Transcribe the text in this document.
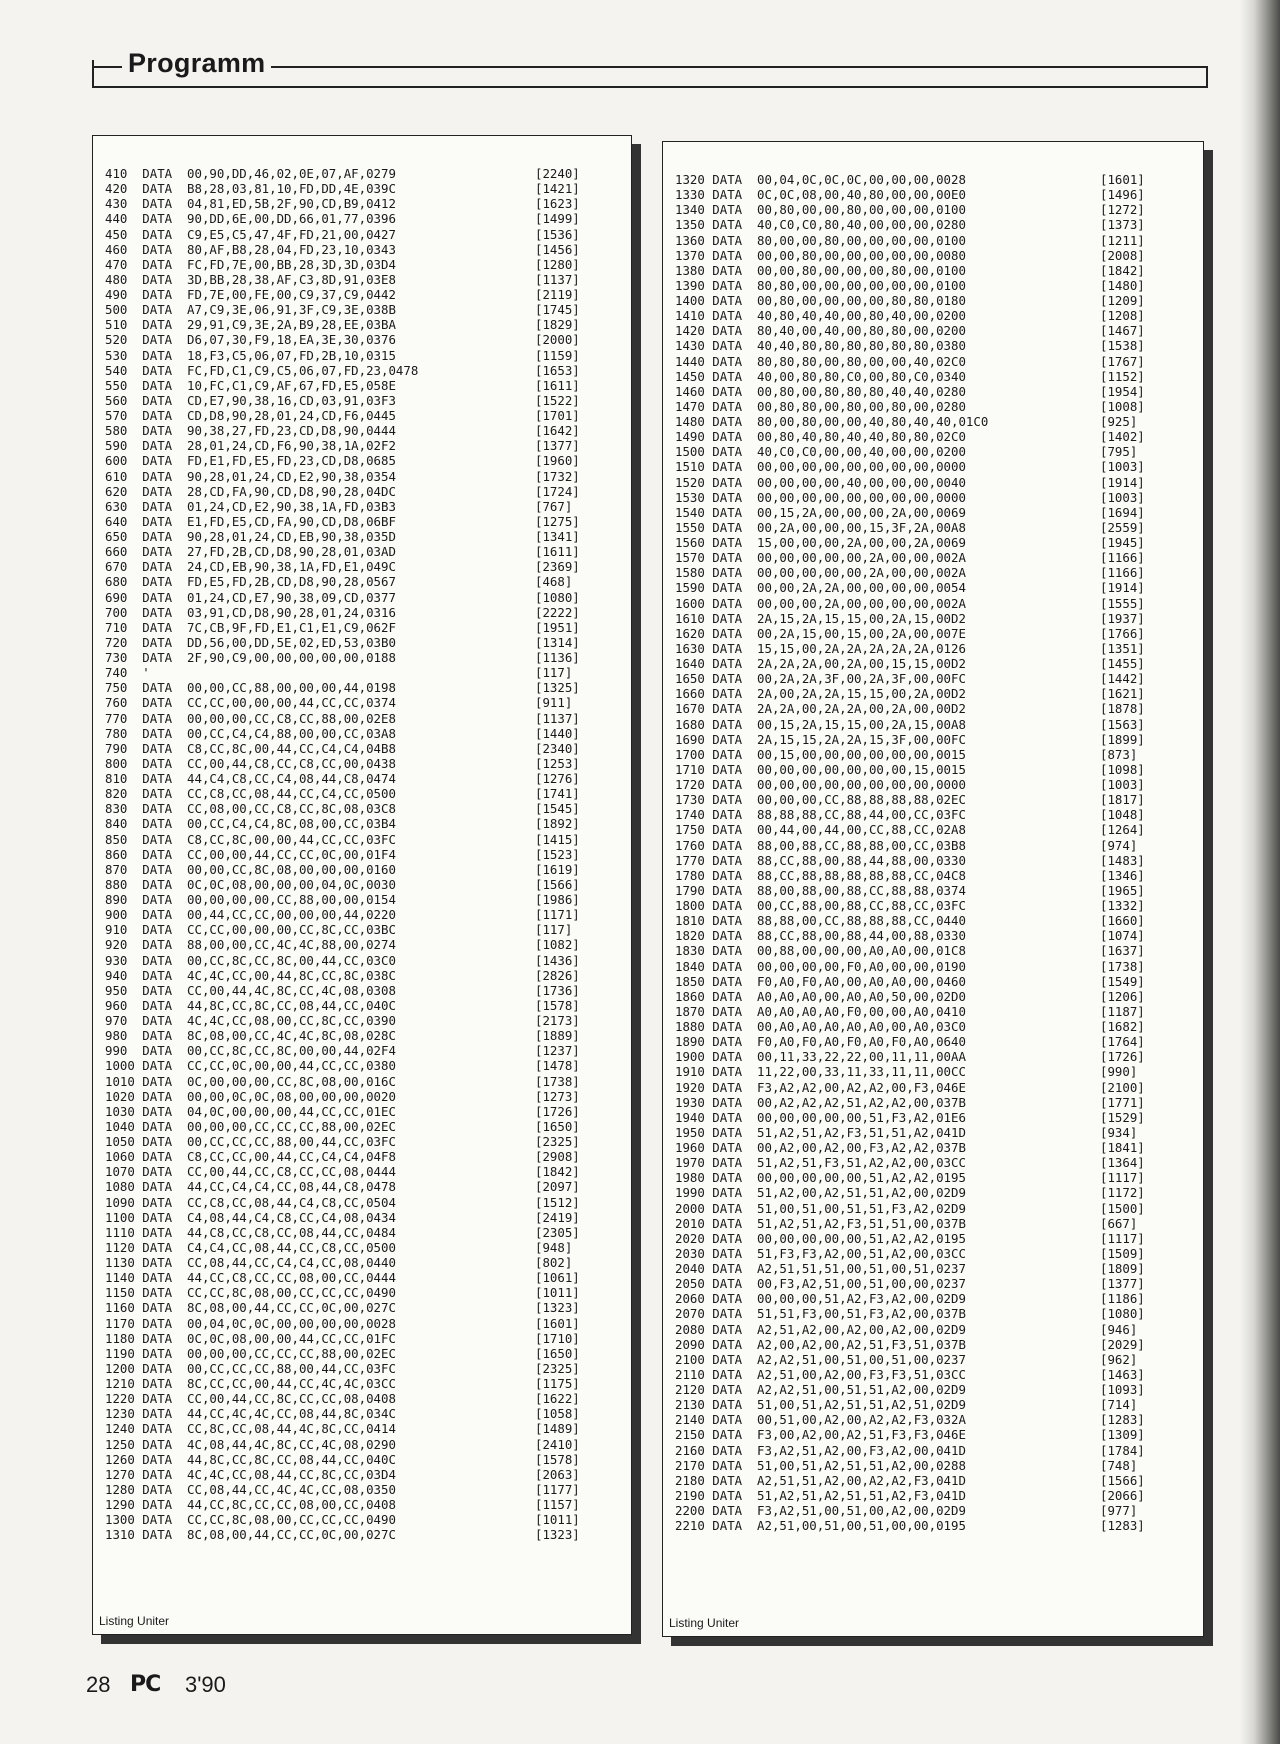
Programm
410  DATA  00,90,DD,46,02,0E,07,AF,0279	[2240]
420  DATA  B8,28,03,81,10,FD,DD,4E,039C	[1421]
430  DATA  04,81,ED,5B,2F,90,CD,B9,0412	[1623]
440  DATA  90,DD,6E,00,DD,66,01,77,0396	[1499]
450  DATA  C9,E5,C5,47,4F,FD,21,00,0427	[1536]
460  DATA  80,AF,B8,28,04,FD,23,10,0343	[1456]
470  DATA  FC,FD,7E,00,BB,28,3D,3D,03D4	[1280]
480  DATA  3D,BB,28,38,AF,C3,8D,91,03E8	[1137]
490  DATA  FD,7E,00,FE,00,C9,37,C9,0442	[2119]
500  DATA  A7,C9,3E,06,91,3F,C9,3E,038B	[1745]
510  DATA  29,91,C9,3E,2A,B9,28,EE,03BA	[1829]
520  DATA  D6,07,30,F9,18,EA,3E,30,0376	[2000]
530  DATA  18,F3,C5,06,07,FD,2B,10,0315	[1159]
540  DATA  FC,FD,C1,C9,C5,06,07,FD,23,0478	[1653]
550  DATA  10,FC,C1,C9,AF,67,FD,E5,058E	[1611]
560  DATA  CD,E7,90,38,16,CD,03,91,03F3	[1522]
570  DATA  CD,D8,90,28,01,24,CD,F6,0445	[1701]
580  DATA  90,38,27,FD,23,CD,D8,90,0444	[1642]
590  DATA  28,01,24,CD,F6,90,38,1A,02F2	[1377]
600  DATA  FD,E1,FD,E5,FD,23,CD,D8,0685	[1960]
610  DATA  90,28,01,24,CD,E2,90,38,0354	[1732]
620  DATA  28,CD,FA,90,CD,D8,90,28,04DC	[1724]
630  DATA  01,24,CD,E2,90,38,1A,FD,03B3	[767]
640  DATA  E1,FD,E5,CD,FA,90,CD,D8,06BF	[1275]
650  DATA  90,28,01,24,CD,EB,90,38,035D	[1341]
660  DATA  27,FD,2B,CD,D8,90,28,01,03AD	[1611]
670  DATA  24,CD,EB,90,38,1A,FD,E1,049C	[2369]
680  DATA  FD,E5,FD,2B,CD,D8,90,28,0567	[468]
690  DATA  01,24,CD,E7,90,38,09,CD,0377	[1080]
700  DATA  03,91,CD,D8,90,28,01,24,0316	[2222]
710  DATA  7C,CB,9F,FD,E1,C1,E1,C9,062F	[1951]
720  DATA  DD,56,00,DD,5E,02,ED,53,03B0	[1314]
730  DATA  2F,90,C9,00,00,00,00,00,0188	[1136]
740  '	[117]
750  DATA  00,00,CC,88,00,00,00,44,0198	[1325]
760  DATA  CC,CC,00,00,00,44,CC,CC,0374	[911]
770  DATA  00,00,00,CC,C8,CC,88,00,02E8	[1137]
780  DATA  00,CC,C4,C4,88,00,00,CC,03A8	[1440]
790  DATA  C8,CC,8C,00,44,CC,C4,C4,04B8	[2340]
800  DATA  CC,00,44,C8,CC,C8,CC,00,0438	[1253]
810  DATA  44,C4,C8,CC,C4,08,44,C8,0474	[1276]
820  DATA  CC,C8,CC,08,44,CC,C4,CC,0500	[1741]
830  DATA  CC,08,00,CC,C8,CC,8C,08,03C8	[1545]
840  DATA  00,CC,C4,C4,8C,08,00,CC,03B4	[1892]
850  DATA  C8,CC,8C,00,00,44,CC,CC,03FC	[1415]
860  DATA  CC,00,00,44,CC,CC,0C,00,01F4	[1523]
870  DATA  00,00,CC,8C,08,00,00,00,0160	[1619]
880  DATA  0C,0C,08,00,00,00,04,0C,0030	[1566]
890  DATA  00,00,00,00,CC,88,00,00,0154	[1986]
900  DATA  00,44,CC,CC,00,00,00,44,0220	[1171]
910  DATA  CC,CC,00,00,00,CC,8C,CC,03BC	[117]
920  DATA  88,00,00,CC,4C,4C,88,00,0274	[1082]
930  DATA  00,CC,8C,CC,8C,00,44,CC,03C0	[1436]
940  DATA  4C,4C,CC,00,44,8C,CC,8C,038C	[2826]
950  DATA  CC,00,44,4C,8C,CC,4C,08,0308	[1736]
960  DATA  44,8C,CC,8C,CC,08,44,CC,040C	[1578]
970  DATA  4C,4C,CC,08,00,CC,8C,CC,0390	[2173]
980  DATA  8C,08,00,CC,4C,4C,8C,08,028C	[1889]
990  DATA  00,CC,8C,CC,8C,00,00,44,02F4	[1237]
1000 DATA  CC,CC,0C,00,00,44,CC,CC,0380	[1478]
1010 DATA  0C,00,00,00,CC,8C,08,00,016C	[1738]
1020 DATA  00,00,0C,0C,08,00,00,00,0020	[1273]
1030 DATA  04,0C,00,00,00,44,CC,CC,01EC	[1726]
1040 DATA  00,00,00,CC,CC,CC,88,00,02EC	[1650]
1050 DATA  00,CC,CC,CC,88,00,44,CC,03FC	[2325]
1060 DATA  C8,CC,CC,00,44,CC,C4,C4,04F8	[2908]
1070 DATA  CC,00,44,CC,C8,CC,CC,08,0444	[1842]
1080 DATA  44,CC,C4,C4,CC,08,44,C8,0478	[2097]
1090 DATA  CC,C8,CC,08,44,C4,C8,CC,0504	[1512]
1100 DATA  C4,08,44,C4,C8,CC,C4,08,0434	[2419]
1110 DATA  44,C8,CC,C8,CC,08,44,CC,0484	[2305]
1120 DATA  C4,C4,CC,08,44,CC,C8,CC,0500	[948]
1130 DATA  CC,08,44,CC,C4,C4,CC,08,0440	[802]
1140 DATA  44,CC,C8,CC,CC,08,00,CC,0444	[1061]
1150 DATA  CC,CC,8C,08,00,CC,CC,CC,0490	[1011]
1160 DATA  8C,08,00,44,CC,CC,0C,00,027C	[1323]
1170 DATA  00,04,0C,0C,00,00,00,00,0028	[1601]
1180 DATA  0C,0C,08,00,00,44,CC,CC,01FC	[1710]
1190 DATA  00,00,00,CC,CC,CC,88,00,02EC	[1650]
1200 DATA  00,CC,CC,CC,88,00,44,CC,03FC	[2325]
1210 DATA  8C,CC,CC,00,44,CC,4C,4C,03CC	[1175]
1220 DATA  CC,00,44,CC,8C,CC,CC,08,0408	[1622]
1230 DATA  44,CC,4C,4C,CC,08,44,8C,034C	[1058]
1240 DATA  CC,8C,CC,08,44,4C,8C,CC,0414	[1489]
1250 DATA  4C,08,44,4C,8C,CC,4C,08,0290	[2410]
1260 DATA  44,8C,CC,8C,CC,08,44,CC,040C	[1578]
1270 DATA  4C,4C,CC,08,44,CC,8C,CC,03D4	[2063]
1280 DATA  CC,08,44,CC,4C,4C,CC,08,0350	[1177]
1290 DATA  44,CC,8C,CC,CC,08,00,CC,0408	[1157]
1300 DATA  CC,CC,8C,08,00,CC,CC,CC,0490	[1011]
1310 DATA  8C,08,00,44,CC,CC,0C,00,027C	[1323]
Listing Uniter
1320 DATA  00,04,0C,0C,0C,00,00,00,0028	[1601]
1330 DATA  0C,0C,08,00,40,80,00,00,00E0	[1496]
1340 DATA  00,80,00,00,80,00,00,00,0100	[1272]
1350 DATA  40,C0,C0,80,40,00,00,00,0280	[1373]
1360 DATA  80,00,00,80,00,00,00,00,0100	[1211]
1370 DATA  00,00,80,00,00,00,00,00,0080	[2008]
1380 DATA  00,00,80,00,00,00,80,00,0100	[1842]
1390 DATA  80,80,00,00,00,00,00,00,0100	[1480]
1400 DATA  00,80,00,00,00,00,80,80,0180	[1209]
1410 DATA  40,80,40,40,00,80,40,00,0200	[1208]
1420 DATA  80,40,00,40,00,80,80,00,0200	[1467]
1430 DATA  40,40,80,80,80,80,80,80,0380	[1538]
1440 DATA  80,80,80,00,80,00,00,40,02C0	[1767]
1450 DATA  40,00,80,80,C0,00,80,C0,0340	[1152]
1460 DATA  00,80,00,80,80,80,40,40,0280	[1954]
1470 DATA  00,80,80,00,80,00,80,00,0280	[1008]
1480 DATA  80,00,80,00,00,40,80,40,40,01C0	[925]
1490 DATA  00,80,40,80,40,40,80,80,02C0	[1402]
1500 DATA  40,C0,C0,00,00,40,00,00,0200	[795]
1510 DATA  00,00,00,00,00,00,00,00,0000	[1003]
1520 DATA  00,00,00,00,40,00,00,00,0040	[1914]
1530 DATA  00,00,00,00,00,00,00,00,0000	[1003]
1540 DATA  00,15,2A,00,00,00,2A,00,0069	[1694]
1550 DATA  00,2A,00,00,00,15,3F,2A,00A8	[2559]
1560 DATA  15,00,00,00,2A,00,00,2A,0069	[1945]
1570 DATA  00,00,00,00,00,2A,00,00,002A	[1166]
1580 DATA  00,00,00,00,00,2A,00,00,002A	[1166]
1590 DATA  00,00,2A,2A,00,00,00,00,0054	[1914]
1600 DATA  00,00,00,2A,00,00,00,00,002A	[1555]
1610 DATA  2A,15,2A,15,15,00,2A,15,00D2	[1937]
1620 DATA  00,2A,15,00,15,00,2A,00,007E	[1766]
1630 DATA  15,15,00,2A,2A,2A,2A,2A,0126	[1351]
1640 DATA  2A,2A,2A,00,2A,00,15,15,00D2	[1455]
1650 DATA  00,2A,2A,3F,00,2A,3F,00,00FC	[1442]
1660 DATA  2A,00,2A,2A,15,15,00,2A,00D2	[1621]
1670 DATA  2A,2A,00,2A,2A,00,2A,00,00D2	[1878]
1680 DATA  00,15,2A,15,15,00,2A,15,00A8	[1563]
1690 DATA  2A,15,15,2A,2A,15,3F,00,00FC	[1899]
1700 DATA  00,15,00,00,00,00,00,00,0015	[873]
1710 DATA  00,00,00,00,00,00,00,15,0015	[1098]
1720 DATA  00,00,00,00,00,00,00,00,0000	[1003]
1730 DATA  00,00,00,CC,88,88,88,88,02EC	[1817]
1740 DATA  88,88,88,CC,88,44,00,CC,03FC	[1048]
1750 DATA  00,44,00,44,00,CC,88,CC,02A8	[1264]
1760 DATA  88,00,88,CC,88,88,00,CC,03B8	[974]
1770 DATA  88,CC,88,00,88,44,88,00,0330	[1483]
1780 DATA  88,CC,88,88,88,88,88,CC,04C8	[1346]
1790 DATA  88,00,88,00,88,CC,88,88,0374	[1965]
1800 DATA  00,CC,88,00,88,CC,88,CC,03FC	[1332]
1810 DATA  88,88,00,CC,88,88,88,CC,0440	[1660]
1820 DATA  88,CC,88,00,88,44,00,88,0330	[1074]
1830 DATA  00,88,00,00,00,A0,A0,00,01C8	[1637]
1840 DATA  00,00,00,00,F0,A0,00,00,0190	[1738]
1850 DATA  F0,A0,F0,A0,00,A0,A0,00,0460	[1549]
1860 DATA  A0,A0,A0,00,A0,A0,50,00,02D0	[1206]
1870 DATA  A0,A0,A0,A0,F0,00,00,A0,0410	[1187]
1880 DATA  00,A0,A0,A0,A0,A0,00,A0,03C0	[1682]
1890 DATA  F0,A0,F0,A0,F0,A0,F0,A0,0640	[1764]
1900 DATA  00,11,33,22,22,00,11,11,00AA	[1726]
1910 DATA  11,22,00,33,11,33,11,11,00CC	[990]
1920 DATA  F3,A2,A2,00,A2,A2,00,F3,046E	[2100]
1930 DATA  00,A2,A2,A2,51,A2,A2,00,037B	[1771]
1940 DATA  00,00,00,00,00,51,F3,A2,01E6	[1529]
1950 DATA  51,A2,51,A2,F3,51,51,A2,041D	[934]
1960 DATA  00,A2,00,A2,00,F3,A2,A2,037B	[1841]
1970 DATA  51,A2,51,F3,51,A2,A2,00,03CC	[1364]
1980 DATA  00,00,00,00,00,51,A2,A2,0195	[1117]
1990 DATA  51,A2,00,A2,51,51,A2,00,02D9	[1172]
2000 DATA  51,00,51,00,51,51,F3,A2,02D9	[1500]
2010 DATA  51,A2,51,A2,F3,51,51,00,037B	[667]
2020 DATA  00,00,00,00,00,51,A2,A2,0195	[1117]
2030 DATA  51,F3,F3,A2,00,51,A2,00,03CC	[1509]
2040 DATA  A2,51,51,51,00,51,00,51,0237	[1809]
2050 DATA  00,F3,A2,51,00,51,00,00,0237	[1377]
2060 DATA  00,00,00,51,A2,F3,A2,00,02D9	[1186]
2070 DATA  51,51,F3,00,51,F3,A2,00,037B	[1080]
2080 DATA  A2,51,A2,00,A2,00,A2,00,02D9	[946]
2090 DATA  A2,00,A2,00,A2,51,F3,51,037B	[2029]
2100 DATA  A2,A2,51,00,51,00,51,00,0237	[962]
2110 DATA  A2,51,00,A2,00,F3,F3,51,03CC	[1463]
2120 DATA  A2,A2,51,00,51,51,A2,00,02D9	[1093]
2130 DATA  51,00,51,A2,51,51,A2,51,02D9	[714]
2140 DATA  00,51,00,A2,00,A2,A2,F3,032A	[1283]
2150 DATA  F3,00,A2,00,A2,51,F3,F3,046E	[1309]
2160 DATA  F3,A2,51,A2,00,F3,A2,00,041D	[1784]
2170 DATA  51,00,51,A2,51,51,A2,00,0288	[748]
2180 DATA  A2,51,51,A2,00,A2,A2,F3,041D	[1566]
2190 DATA  51,A2,51,A2,51,51,A2,F3,041D	[2066]
2200 DATA  F3,A2,51,00,51,00,A2,00,02D9	[977]
2210 DATA  A2,51,00,51,00,51,00,00,0195	[1283]
Listing Uniter
28 PC 3'90
